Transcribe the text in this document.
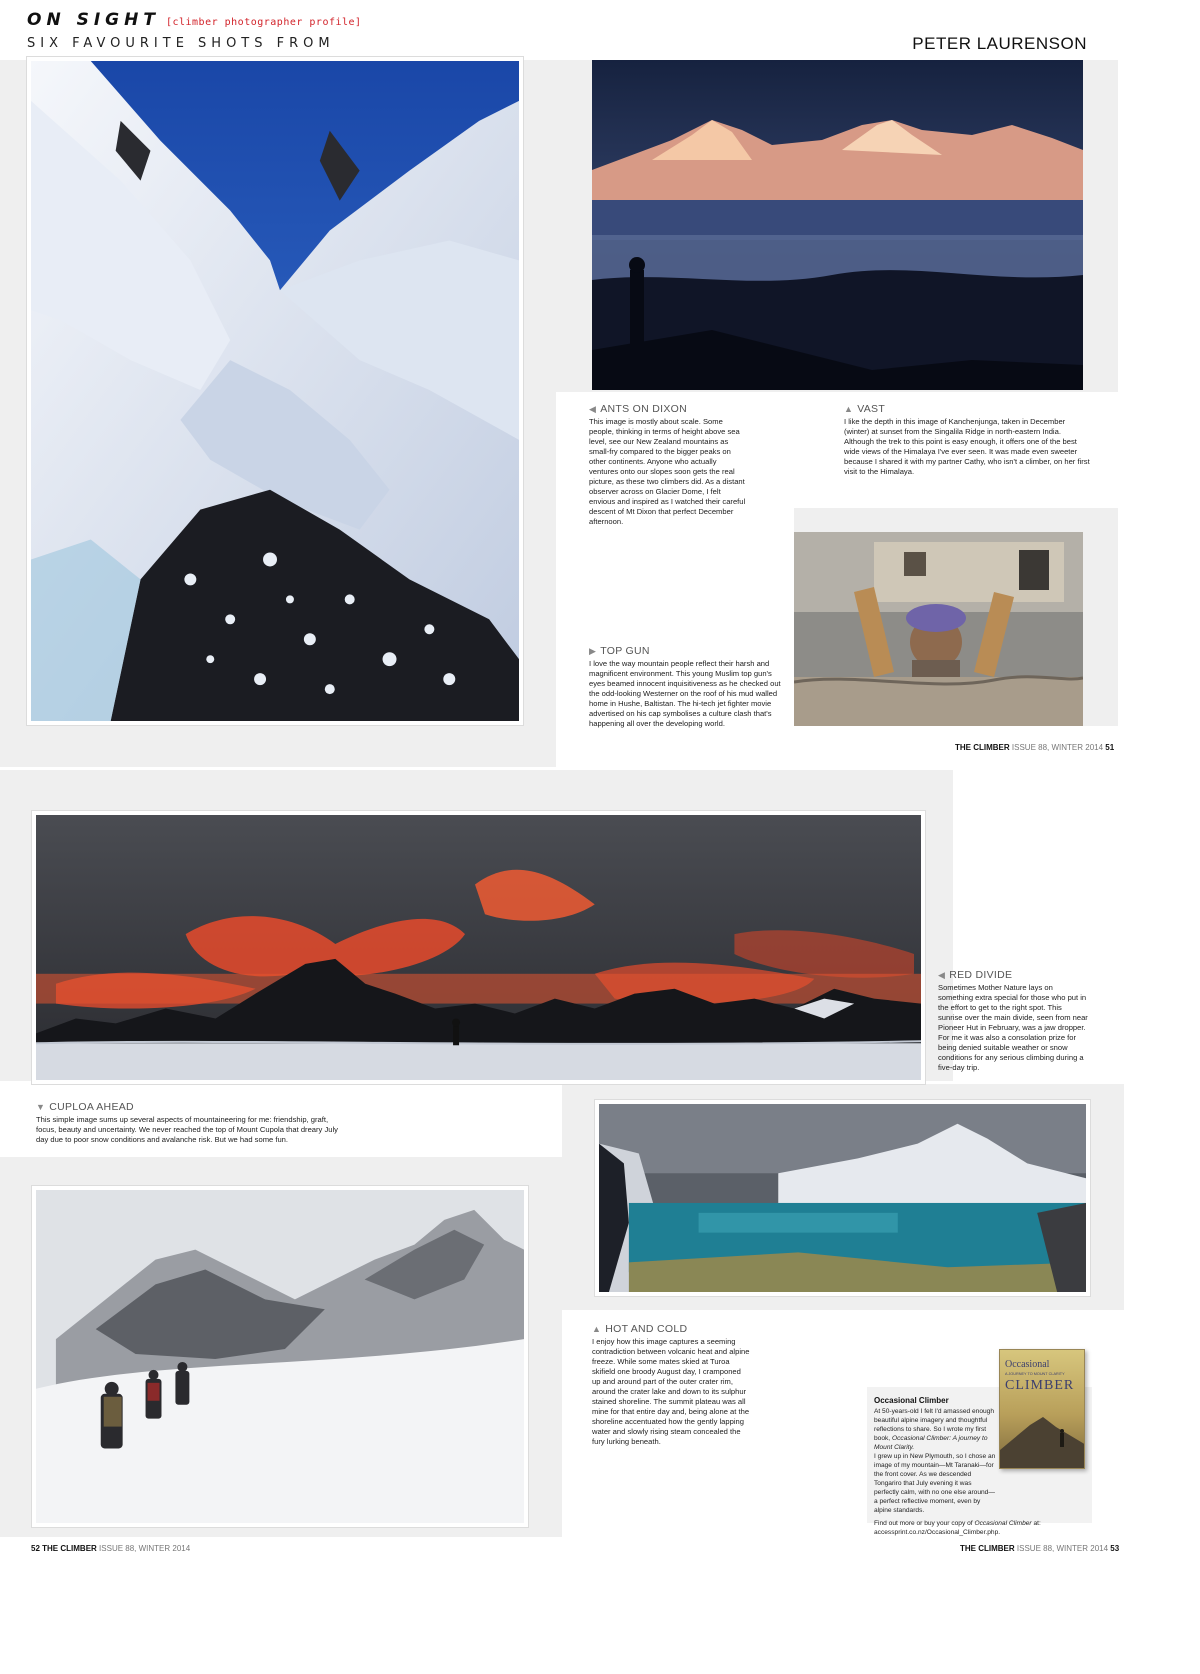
ON SIGHT [climber photographer profile]
SIX FAVOURITE SHOTS FROM	PETER LAURENSON
◀ ANTS ON DIXON
This image is mostly about scale. Some people, thinking in terms of height above sea level, see our New Zealand mountains as small-fry compared to the bigger peaks on other continents. Anyone who actually ventures onto our slopes soon gets the real picture, as these two climbers did. As a distant observer across on Glacier Dome, I felt envious and inspired as I watched their careful descent of Mt Dixon that perfect December afternoon.
▲ VAST
I like the depth in this image of Kanchenjunga, taken in December (winter) at sunset from the Singalila Ridge in north-eastern India. Although the trek to this point is easy enough, it offers one of the best wide views of the Himalaya I've ever seen. It was made even sweeter because I shared it with my partner Cathy, who isn't a climber, on her first visit to the Himalaya.
▶ TOP GUN
I love the way mountain people reflect their harsh and magnificent environment. This young Muslim top gun's eyes beamed innocent inquisitiveness as he checked out the odd-looking Westerner on the roof of his mud walled home in Hushe, Baltistan. The hi-tech jet fighter movie advertised on his cap symbolises a culture clash that's happening all over the developing world.
THE CLIMBER ISSUE 88, WINTER 2014 51
◀ RED DIVIDE
Sometimes Mother Nature lays on something extra special for those who put in the effort to get to the right spot. This sunrise over the main divide, seen from near Pioneer Hut in February, was a jaw dropper. For me it was also a consolation prize for being denied suitable weather or snow conditions for any serious climbing during a five-day trip.
▼ CUPLOA AHEAD
This simple image sums up several aspects of mountaineering for me: friendship, graft, focus, beauty and uncertainty. We never reached the top of Mount Cupola that dreary July day due to poor snow conditions and avalanche risk. But we had some fun.
▲ HOT AND COLD
I enjoy how this image captures a seeming contradiction between volcanic heat and alpine freeze. While some mates skied at Turoa skifield one broody August day, I cramponed up and around part of the outer crater rim, around the crater lake and down to its sulphur stained shoreline. The summit plateau was all mine for that entire day and, being alone at the shoreline accentuated how the gently lapping water and slowly rising steam concealed the fury lurking beneath.
Occasional
A JOURNEY TO MOUNT CLARITY
CLIMBER
Occasional Climber
At 50-years-old I felt I'd amassed enough beautiful alpine imagery and thoughtful reflections to share. So I wrote my first book, Occasional Climber: A journey to Mount Clarity.
I grew up in New Plymouth, so I chose an image of my mountain—Mt Taranaki—for the front cover. As we descended Tongariro that July evening it was perfectly calm, with no one else around—a perfect reflective moment, even by alpine standards.
Find out more or buy your copy of Occasional Climber at: accessprint.co.nz/Occasional_Climber.php.
52 THE CLIMBER ISSUE 88, WINTER 2014	THE CLIMBER ISSUE 88, WINTER 2014 53
